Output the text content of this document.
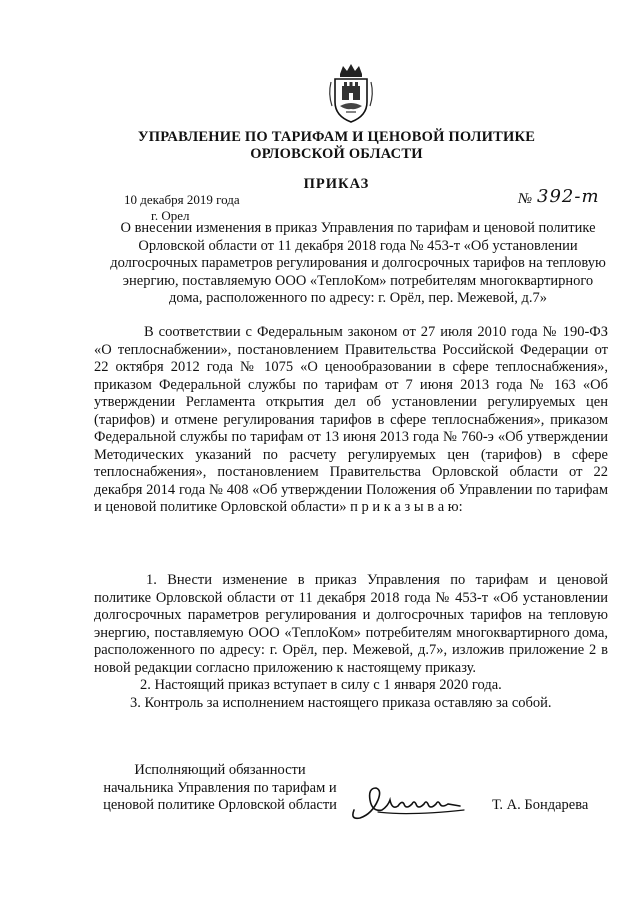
УПРАВЛЕНИЕ ПО ТАРИФАМ И ЦЕНОВОЙ ПОЛИТИКЕ
ОРЛОВСКОЙ ОБЛАСТИ
ПРИКАЗ
10 декабря 2019 года
г. Орел
№ 392-т
О внесении изменения в приказ Управления по тарифам и ценовой политике Орловской области от 11 декабря 2018 года № 453-т «Об установлении долгосрочных параметров регулирования и долгосрочных тарифов на тепловую энергию, поставляемую ООО «ТеплоКом» потребителям многоквартирного дома, расположенного по адресу: г. Орёл, пер. Межевой, д.7»
В соответствии с Федеральным законом от 27 июля 2010 года № 190-ФЗ «О теплоснабжении», постановлением Правительства Российской Федерации от 22 октября 2012 года № 1075 «О ценообразовании в сфере теплоснабжения», приказом Федеральной службы по тарифам от 7 июня 2013 года № 163 «Об утверждении Регламента открытия дел об установлении регулируемых цен (тарифов) и отмене регулирования тарифов в сфере теплоснабжения», приказом Федеральной службы по тарифам от 13 июня 2013 года № 760-э «Об утверждении Методических указаний по расчету регулируемых цен (тарифов) в сфере теплоснабжения», постановлением Правительства Орловской области от 22 декабря 2014 года № 408 «Об утверждении Положения об Управлении по тарифам и ценовой политике Орловской области» п р и к а з ы в а ю:

1. Внести изменение в приказ Управления по тарифам и ценовой политике Орловской области от 11 декабря 2018 года № 453-т «Об установлении долгосрочных параметров регулирования и долгосрочных тарифов на тепловую энергию, поставляемую ООО «ТеплоКом» потребителям многоквартирного дома, расположенного по адресу: г. Орёл, пер. Межевой, д.7», изложив приложение 2 в новой редакции согласно приложению к настоящему приказу.

2. Настоящий приказ вступает в силу с 1 января 2020 года.

3. Контроль за исполнением настоящего приказа оставляю за собой.

Исполняющий обязанности
начальника Управления по тарифам и
ценовой политике Орловской области	Т. А. Бондарева
